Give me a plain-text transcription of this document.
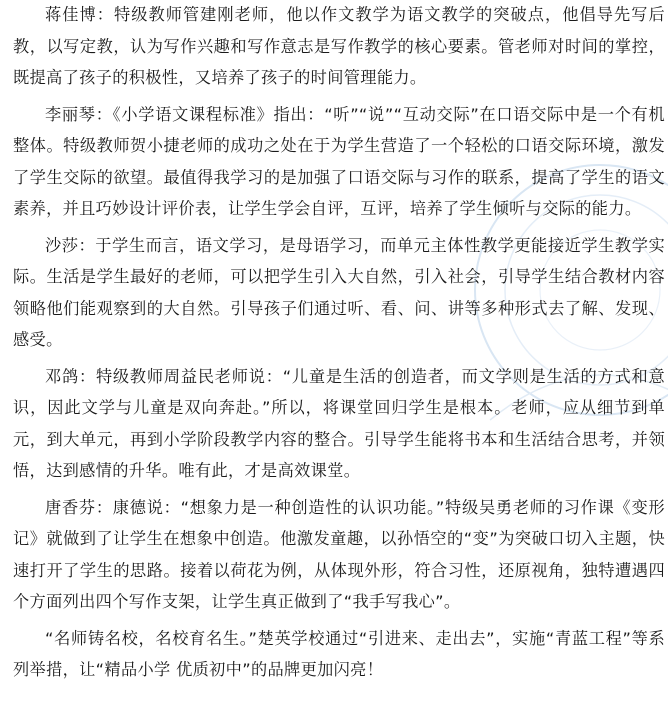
蒋佳博：特级教师管建刚老师，他以作文教学为语文教学的突破点，他倡导先写后教，以写定教，认为写作兴趣和写作意志是写作教学的核心要素。管老师对时间的掌控，既提高了孩子的积极性，又培养了孩子的时间管理能力。

李丽琴：《小学语文课程标准》指出：“听”“说”“互动交际”在口语交际中是一个有机整体。特级教师贺小捷老师的成功之处在于为学生营造了一个轻松的口语交际环境，激发了学生交际的欲望。最值得我学习的是加强了口语交际与习作的联系，提高了学生的语文素养，并且巧妙设计评价表，让学生学会自评，互评，培养了学生倾听与交际的能力。

沙莎：于学生而言，语文学习，是母语学习，而单元主体性教学更能接近学生教学实际。生活是学生最好的老师，可以把学生引入大自然，引入社会，引导学生结合教材内容领略他们能观察到的大自然。引导孩子们通过听、看、问、讲等多种形式去了解、发现、感受。

邓鸽：特级教师周益民老师说：“儿童是生活的创造者，而文学则是生活的方式和意识，因此文学与儿童是双向奔赴。”所以，将课堂回归学生是根本。老师，应从细节到单元，到大单元，再到小学阶段教学内容的整合。引导学生能将书本和生活结合思考，并领悟，达到感情的升华。唯有此，才是高效课堂。

唐香芬：康德说：“想象力是一种创造性的认识功能。”特级吴勇老师的习作课《变形记》就做到了让学生在想象中创造。他激发童趣，以孙悟空的“变”为突破口切入主题，快速打开了学生的思路。接着以荷花为例，从体现外形，符合习性，还原视角，独特遭遇四个方面列出四个写作支架，让学生真正做到了“我手写我心”。

“名师铸名校，名校育名生。”楚英学校通过“引进来、走出去”，实施“青蓝工程”等系列举措，让“精品小学 优质初中”的品牌更加闪亮！
